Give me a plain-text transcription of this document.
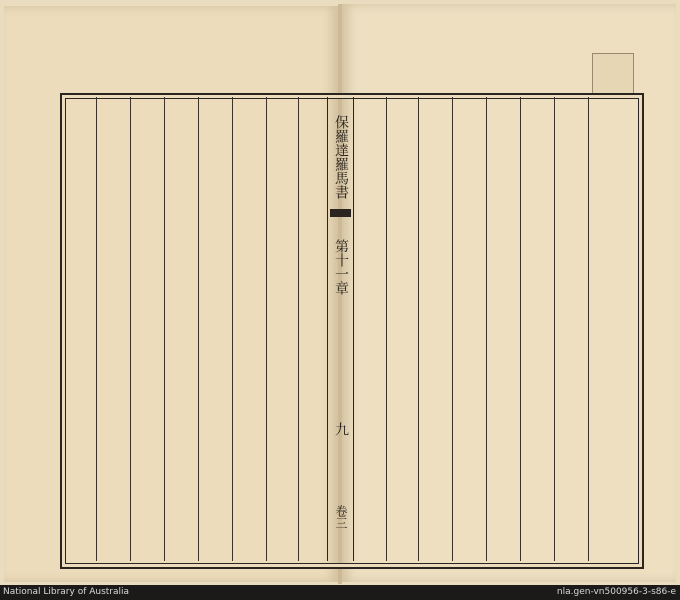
保羅達羅馬書
第十一章
九
卷三
National Library of Australia	nla.gen-vn500956-3-s86-e
